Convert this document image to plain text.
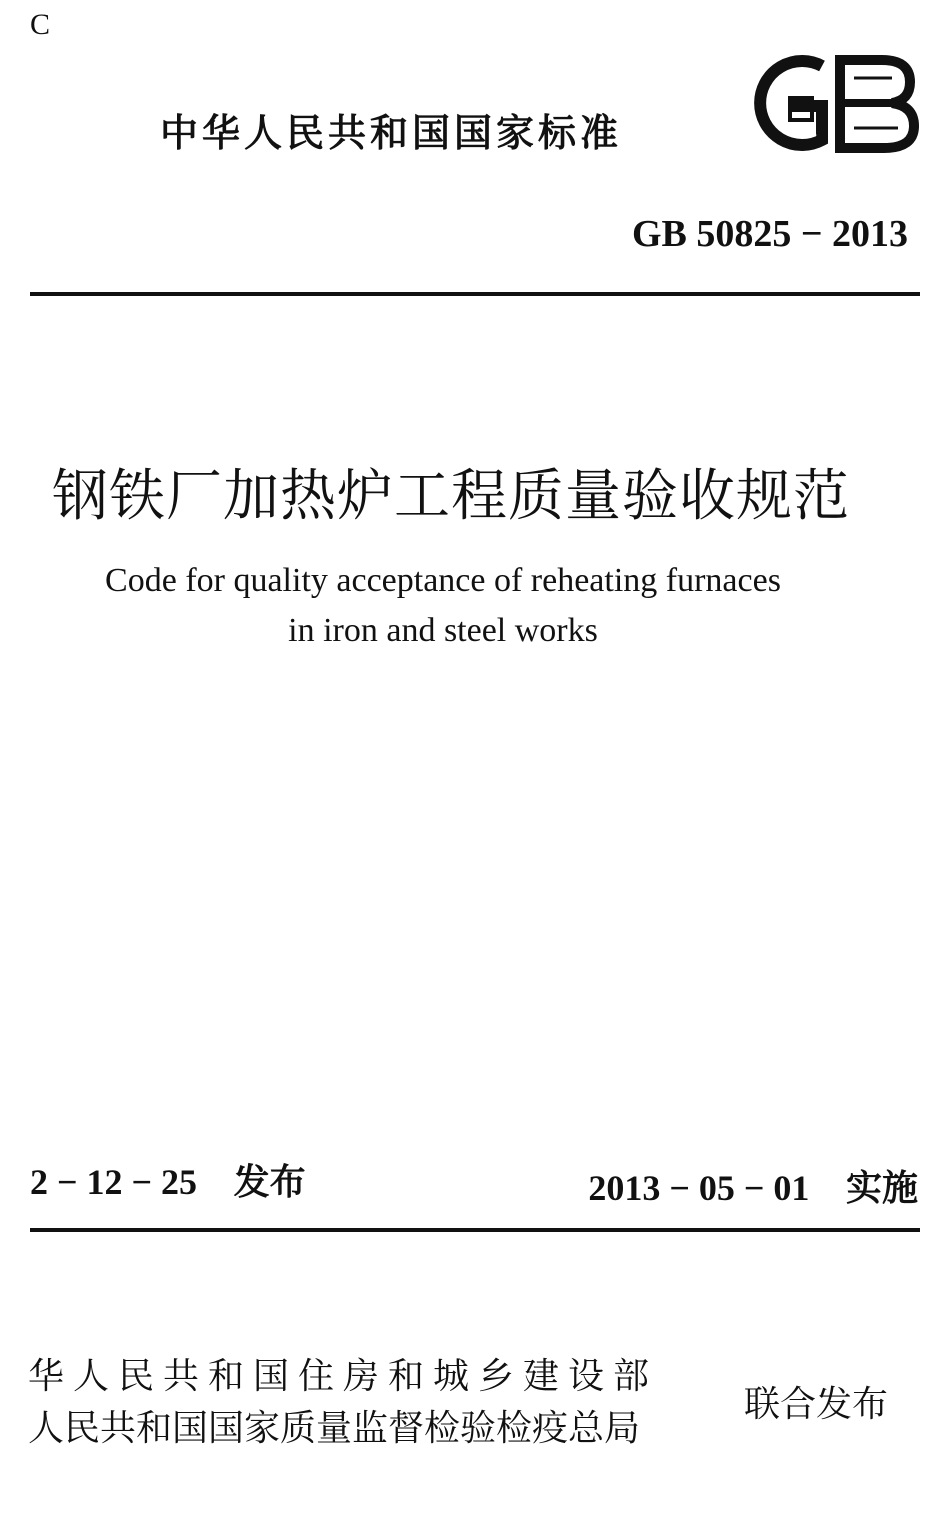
C
中华人民共和国国家标准
GB 50825 − 2013
钢铁厂加热炉工程质量验收规范
Code for quality acceptance of reheating furnaces
in iron and steel works
2 − 12 − 25 发布	2013 − 05 − 01 实施
华人民共和国住房和城乡建设部
人民共和国国家质量监督检验检疫总局
联合发布
